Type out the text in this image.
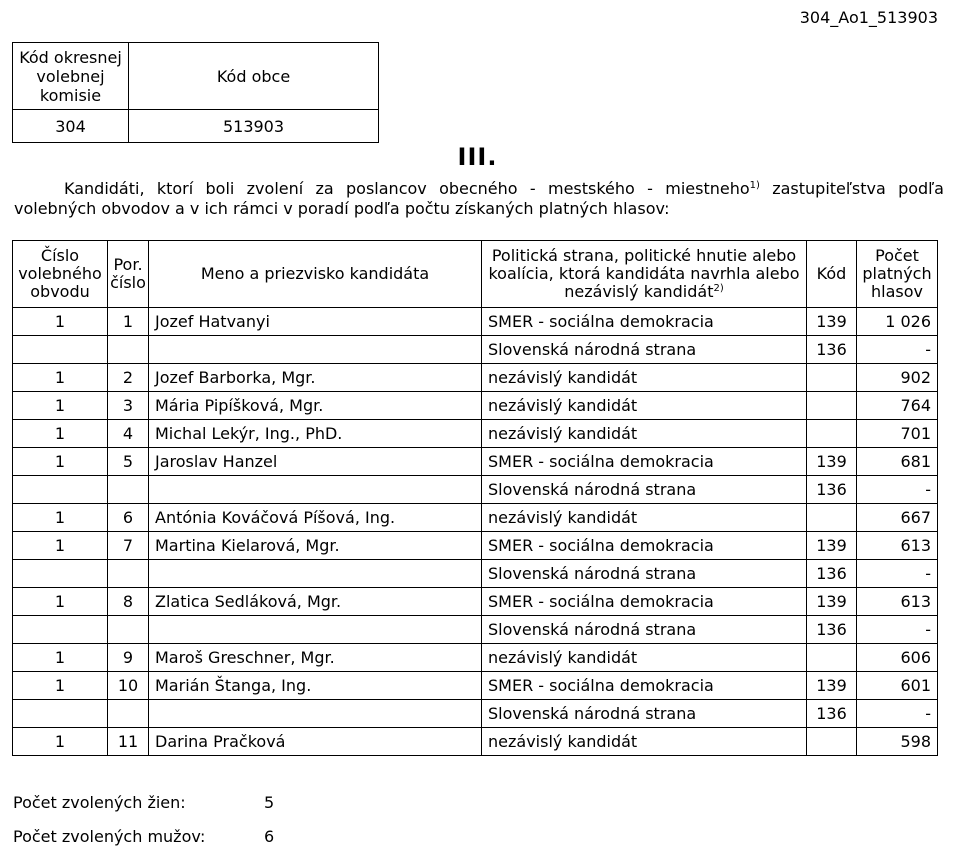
304_Ao1_513903
Kód okresnej volebnej komisie	Kód obce
304	513903
III.
Kandidáti, ktorí boli zvolení za poslancov obecného - mestského - miestneho$^{1)}$ zastupiteľstva podľa volebných obvodov a v ich rámci v poradí podľa počtu získaných platných hlasov:
Číslo volebného obvodu	Por. číslo	Meno a priezvisko kandidáta	Politická strana, politické hnutie alebo koalícia, ktorá kandidáta navrhla alebo nezávislý kandidát$^{2)}$	Kód	Počet platných hlasov
1	1	Jozef Hatvanyi	SMER - sociálna demokracia	139	1 026
			Slovenská národná strana	136	-
1	2	Jozef Barborka, Mgr.	nezávislý kandidát		902
1	3	Mária Pipíšková, Mgr.	nezávislý kandidát		764
1	4	Michal Lekýr, Ing., PhD.	nezávislý kandidát		701
1	5	Jaroslav Hanzel	SMER - sociálna demokracia	139	681
			Slovenská národná strana	136	-
1	6	Antónia Kováčová Píšová, Ing.	nezávislý kandidát		667
1	7	Martina Kielarová, Mgr.	SMER - sociálna demokracia	139	613
			Slovenská národná strana	136	-
1	8	Zlatica Sedláková, Mgr.	SMER - sociálna demokracia	139	613
			Slovenská národná strana	136	-
1	9	Maroš Greschner, Mgr.	nezávislý kandidát		606
1	10	Marián Štanga, Ing.	SMER - sociálna demokracia	139	601
			Slovenská národná strana	136	-
1	11	Darina Pračková	nezávislý kandidát		598
Počet zvolených žien:	5
Počet zvolených mužov:	6
